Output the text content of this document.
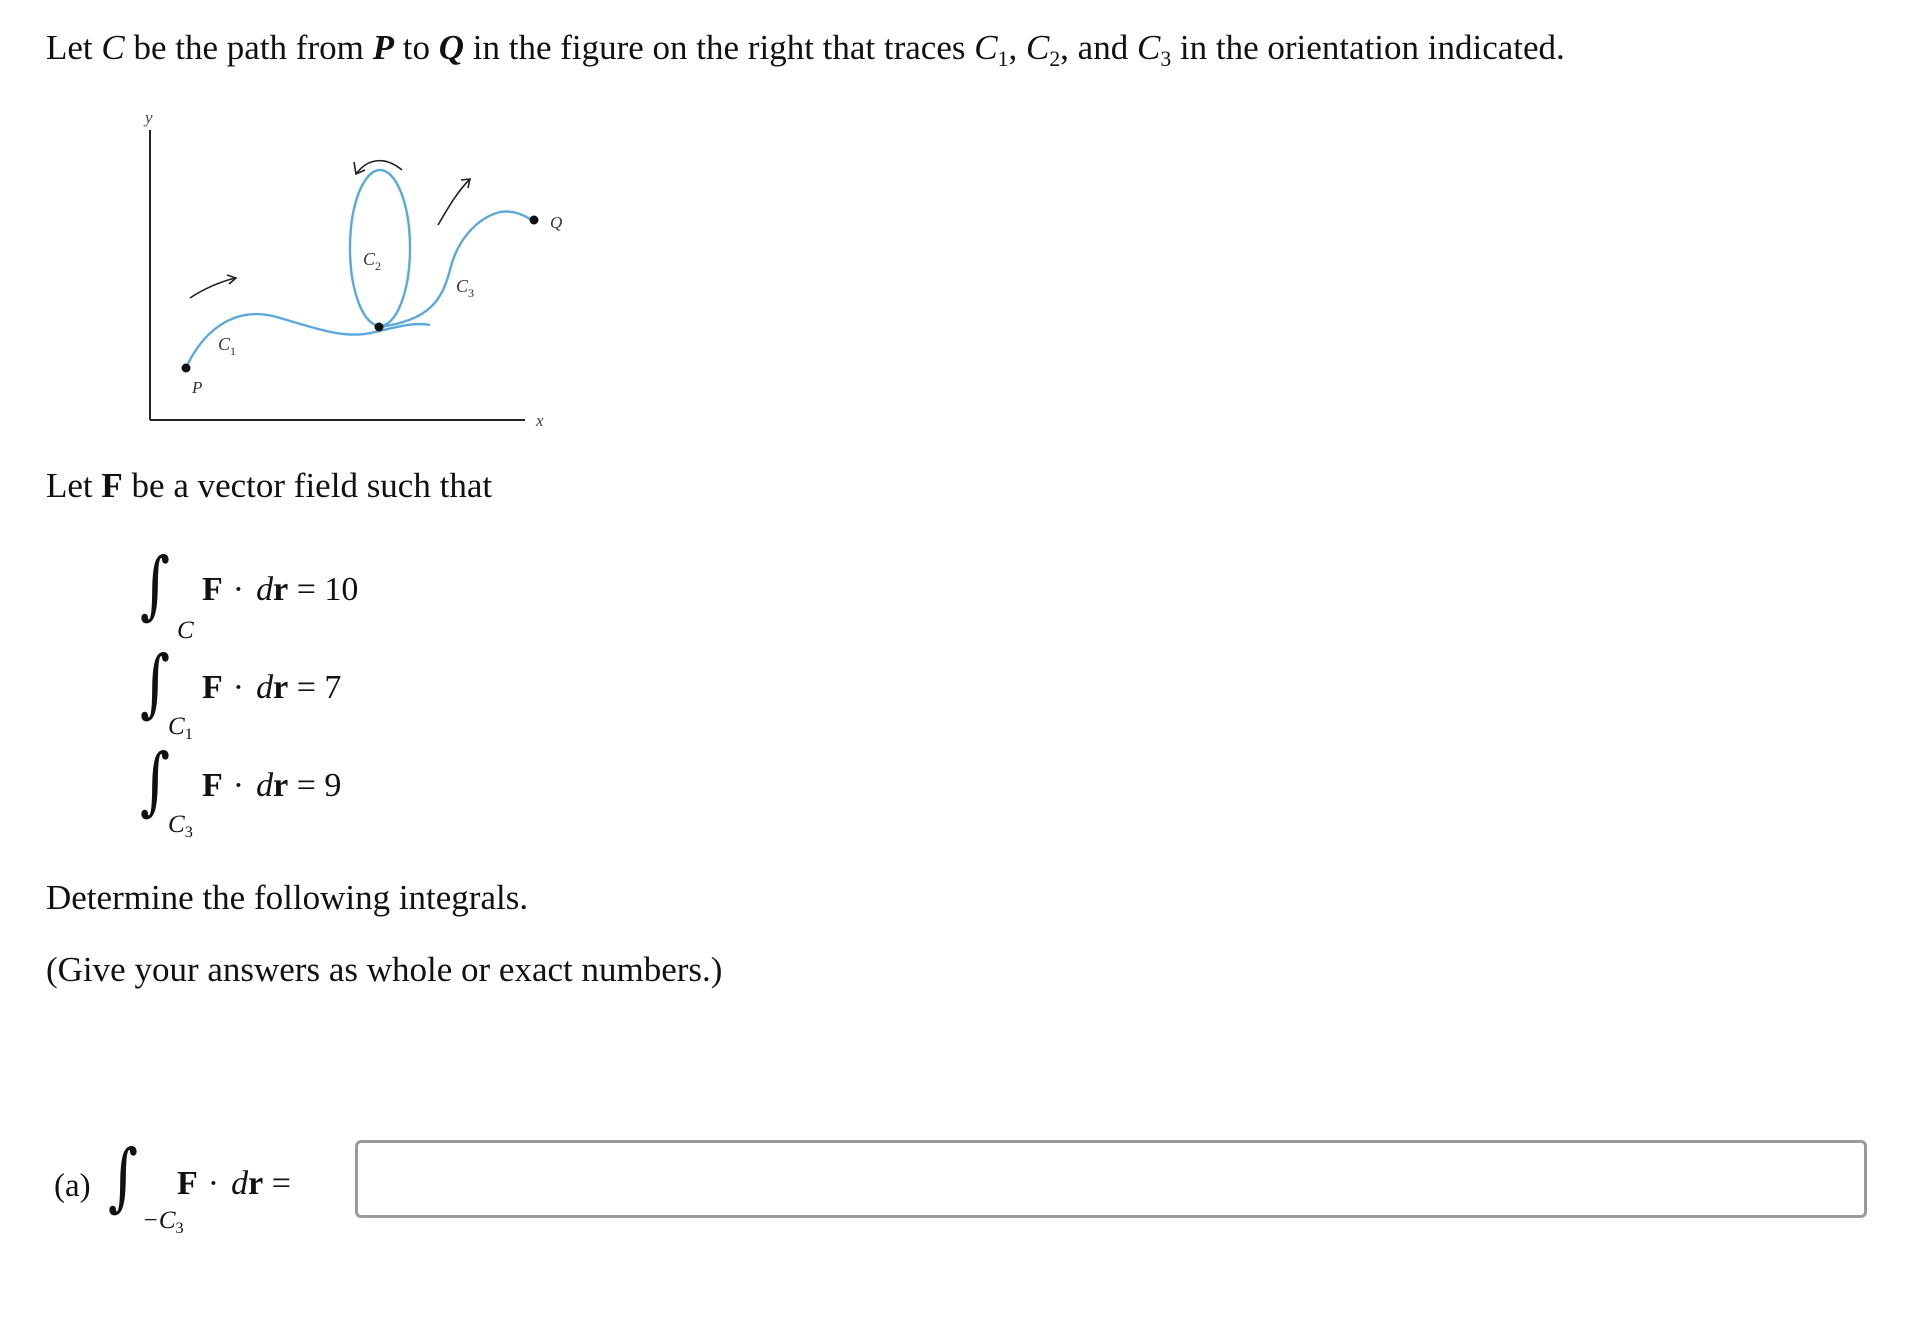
Let C be the path from P to Q in the figure on the right that traces $C_1$, $C_2$, and $C_3$ in the orientation indicated.
y
x
P
Q
$C_1$
$C_2$
$C_3$
Let F be a vector field such that
∫
C
F · dr = 10
∫
$C_1$
F · dr = 7
∫
$C_3$
F · dr = 9
Determine the following integrals.
(Give your answers as whole or exact numbers.)
(a) ∫
$-C_3$
F · dr =
